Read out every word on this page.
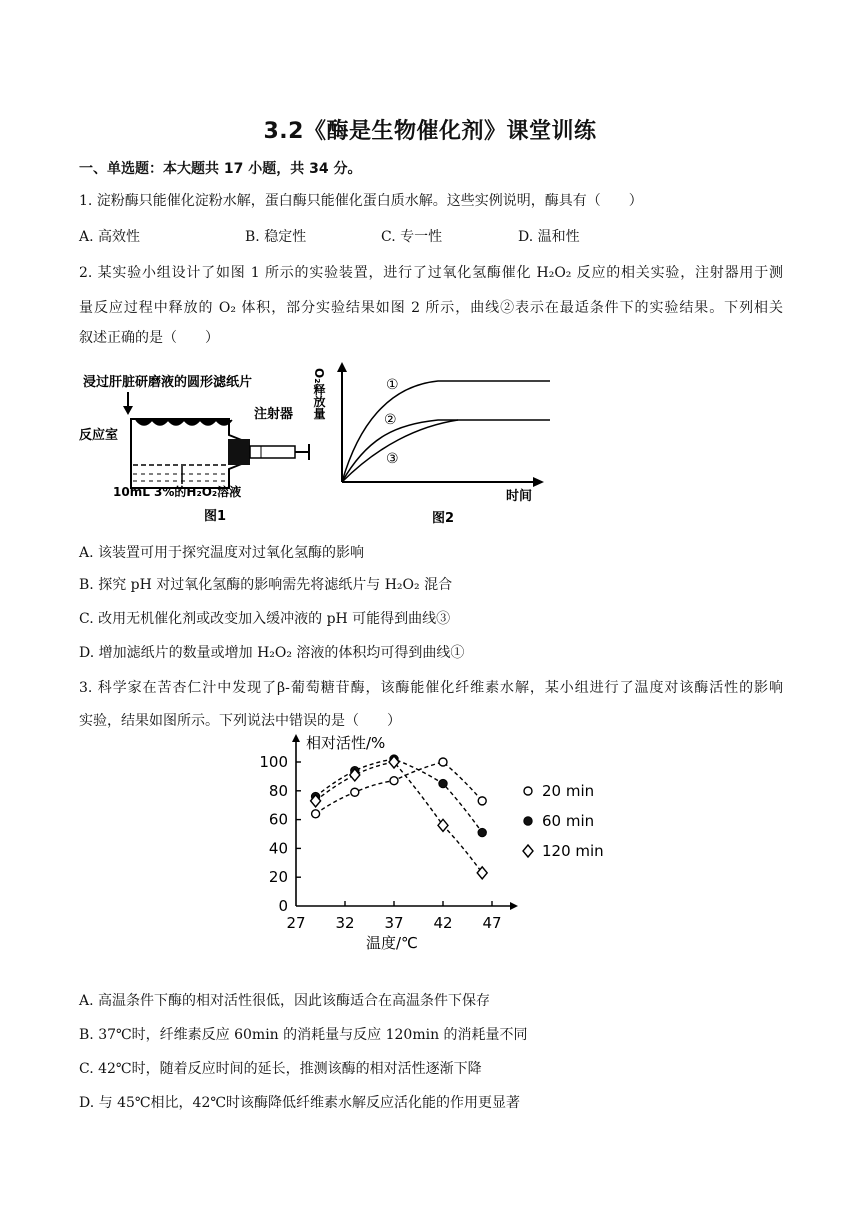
3.2《酶是生物催化剂》课堂训练
一、单选题：本大题共 17 小题，共 34 分。
1. 淀粉酶只能催化淀粉水解，蛋白酶只能催化蛋白质水解。这些实例说明，酶具有（　　）
A. 高效性	B. 稳定性	C. 专一性	D. 温和性
2. 某实验小组设计了如图 1 所示的实验装置，进行了过氧化氢酶催化 H₂O₂ 反应的相关实验，注射器用于测
量反应过程中释放的 O₂ 体积，部分实验结果如图 2 所示，曲线②表示在最适条件下的实验结果。下列相关
叙述正确的是（　　）
浸过肝脏研磨液的圆形滤纸片
注射器
反应室
10mL 3%的H₂O₂溶液
图1
O₂释放量
时间
①
②
③
图2
A. 该装置可用于探究温度对过氧化氢酶的影响
B. 探究 pH 对过氧化氢酶的影响需先将滤纸片与 H₂O₂ 混合
C. 改用无机催化剂或改变加入缓冲液的 pH 可能得到曲线③
D. 增加滤纸片的数量或增加 H₂O₂ 溶液的体积均可得到曲线①
3. 科学家在苦杏仁汁中发现了β-葡萄糖苷酶，该酶能催化纤维素水解，某小组进行了温度对该酶活性的影响
实验，结果如图所示。下列说法中错误的是（　　）
相对活性/%
温度/℃
27 32 37 42 47
0
20
40
60
80
100
20 min
60 min
120 min
A. 高温条件下酶的相对活性很低，因此该酶适合在高温条件下保存
B. 37℃时，纤维素反应 60min 的消耗量与反应 120min 的消耗量不同
C. 42℃时，随着反应时间的延长，推测该酶的相对活性逐渐下降
D. 与 45℃相比，42℃时该酶降低纤维素水解反应活化能的作用更显著
